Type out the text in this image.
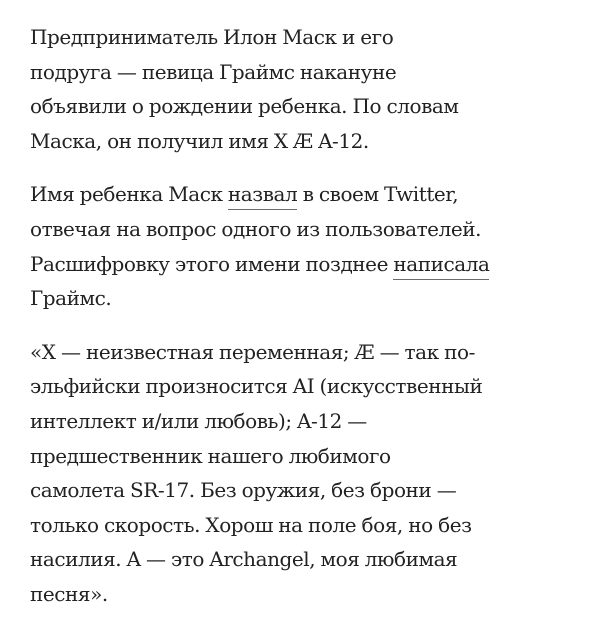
Предприниматель Илон Маск и его
подруга — певица Граймс накануне
объявили о рождении ребенка. По словам
Маска, он получил имя X Æ A-12.

Имя ребенка Маск назвал в своем Twitter,
отвечая на вопрос одного из пользователей.
Расшифровку этого имени позднее написала
Граймс.

«X — неизвестная переменная; Æ — так по-
эльфийски произносится AI (искусственный
интеллект и/или любовь); A-12 —
предшественник нашего любимого
самолета SR-17. Без оружия, без брони —
только скорость. Хорош на поле боя, но без
насилия. A — это Archangel, моя любимая
песня».
